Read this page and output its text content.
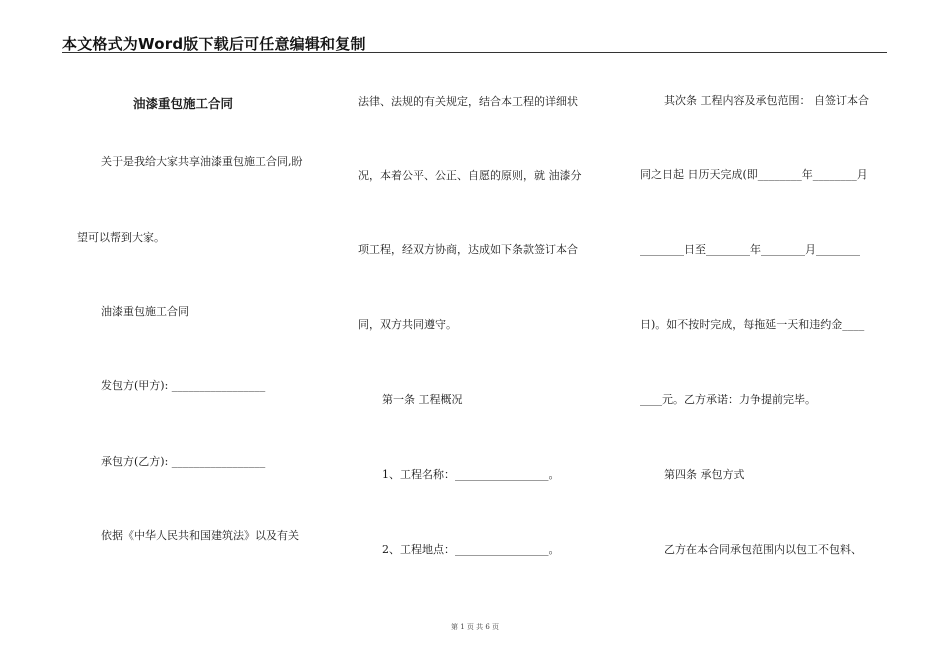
本文格式为Word版下载后可任意编辑和复制
油漆重包施工合同
关于是我给大家共享油漆重包施工合同,盼
望可以帮到大家。
油漆重包施工合同
发包方(甲方): _________________
承包方(乙方): _________________
依据《中华人民共和国建筑法》以及有关
法律、法规的有关规定，结合本工程的详细状
况，本着公平、公正、自愿的原则，就 油漆分
项工程，经双方协商，达成如下条款签订本合
同，双方共同遵守。
第一条 工程概况
1、工程名称：_________________。
2、工程地点：_________________。
其次条 工程内容及承包范围： 自签订本合
同之日起 日历天完成(即________年________月
________日至________年________月________
日)。如不按时完成，每拖延一天和违约金____
____元。乙方承诺：力争提前完毕。
第四条 承包方式
乙方在本合同承包范围内以包工不包料、
第 1 页 共 6 页
